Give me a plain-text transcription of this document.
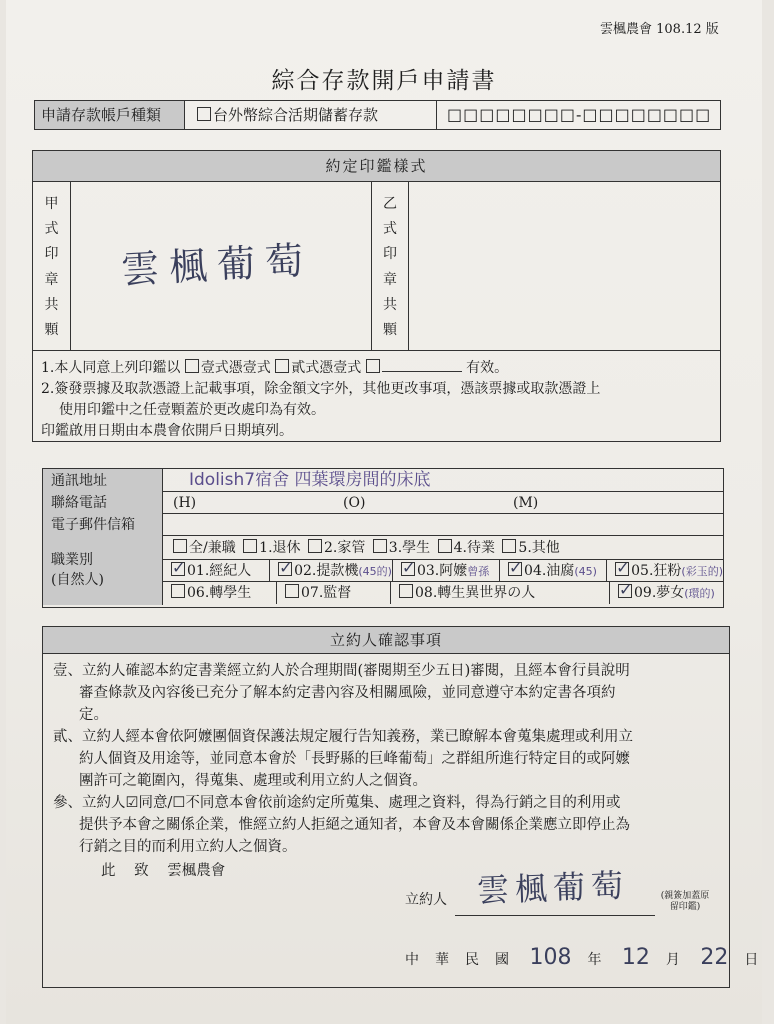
雲楓農會 108.12 版
綜合存款開戶申請書
申請存款帳戶種類	台外幣綜合活期儲蓄存款	□□□□□□□□-□□□□□□□□
約定印鑑樣式
甲
式
印
章
共
顆
雲楓葡萄
乙
式
印
章
共
顆
1.本人同意上列印鑑以 壹式憑壹式 貳式憑壹式	有效。
2.簽發票據及取款憑證上記載事項，除金額文字外，其他更改事項，憑該票據或取款憑證上
使用印鑑中之任壹顆蓋於更改處印為有效。
印鑑啟用日期由本農會依開戶日期填列。
通訊地址	Idolish7宿舍 四葉環房間的床底
聯絡電話	(H)	(O)	(M)
電子郵件信箱
職業別
(自然人)
全/兼職 1.退休 2.家管 3.學生 4.待業 5.其他
✓01.經紀人 ✓	02.提款機(45的) ✓	03.阿嬤曾孫 ✓	04.油腐(45) ✓	05.狂粉(彩玉的)
06.轉學生	07.監督	08.轉生異世界の人 ✓	09.夢女(環的)
立約人確認事項
壹、立約人確認本約定書業經立約人於合理期間(審閱期至少五日)審閱，且經本會行員說明
審查條款及內容後已充分了解本約定書內容及相關風險，並同意遵守本約定書各項約
定。
貳、立約人經本會依阿嬤團個資保護法規定履行告知義務，業已瞭解本會蒐集處理或利用立
約人個資及用途等，並同意本會於「長野縣的巨峰葡萄」之群組所進行特定目的或阿嬤
團許可之範圍內，得蒐集、處理或利用立約人之個資。
參、立約人☑同意/☐不同意本會依前途約定所蒐集、處理之資料，得為行銷之目的利用或
提供予本會之關係企業，惟經立約人拒絕之通知者，本會及本會關係企業應立即停止為
行銷之目的而利用立約人之個資。
此 致 雲楓農會
立約人 雲楓葡萄	(親簽加蓋原留印鑑)
中 華 民 國 108 年 12 月 22 日
